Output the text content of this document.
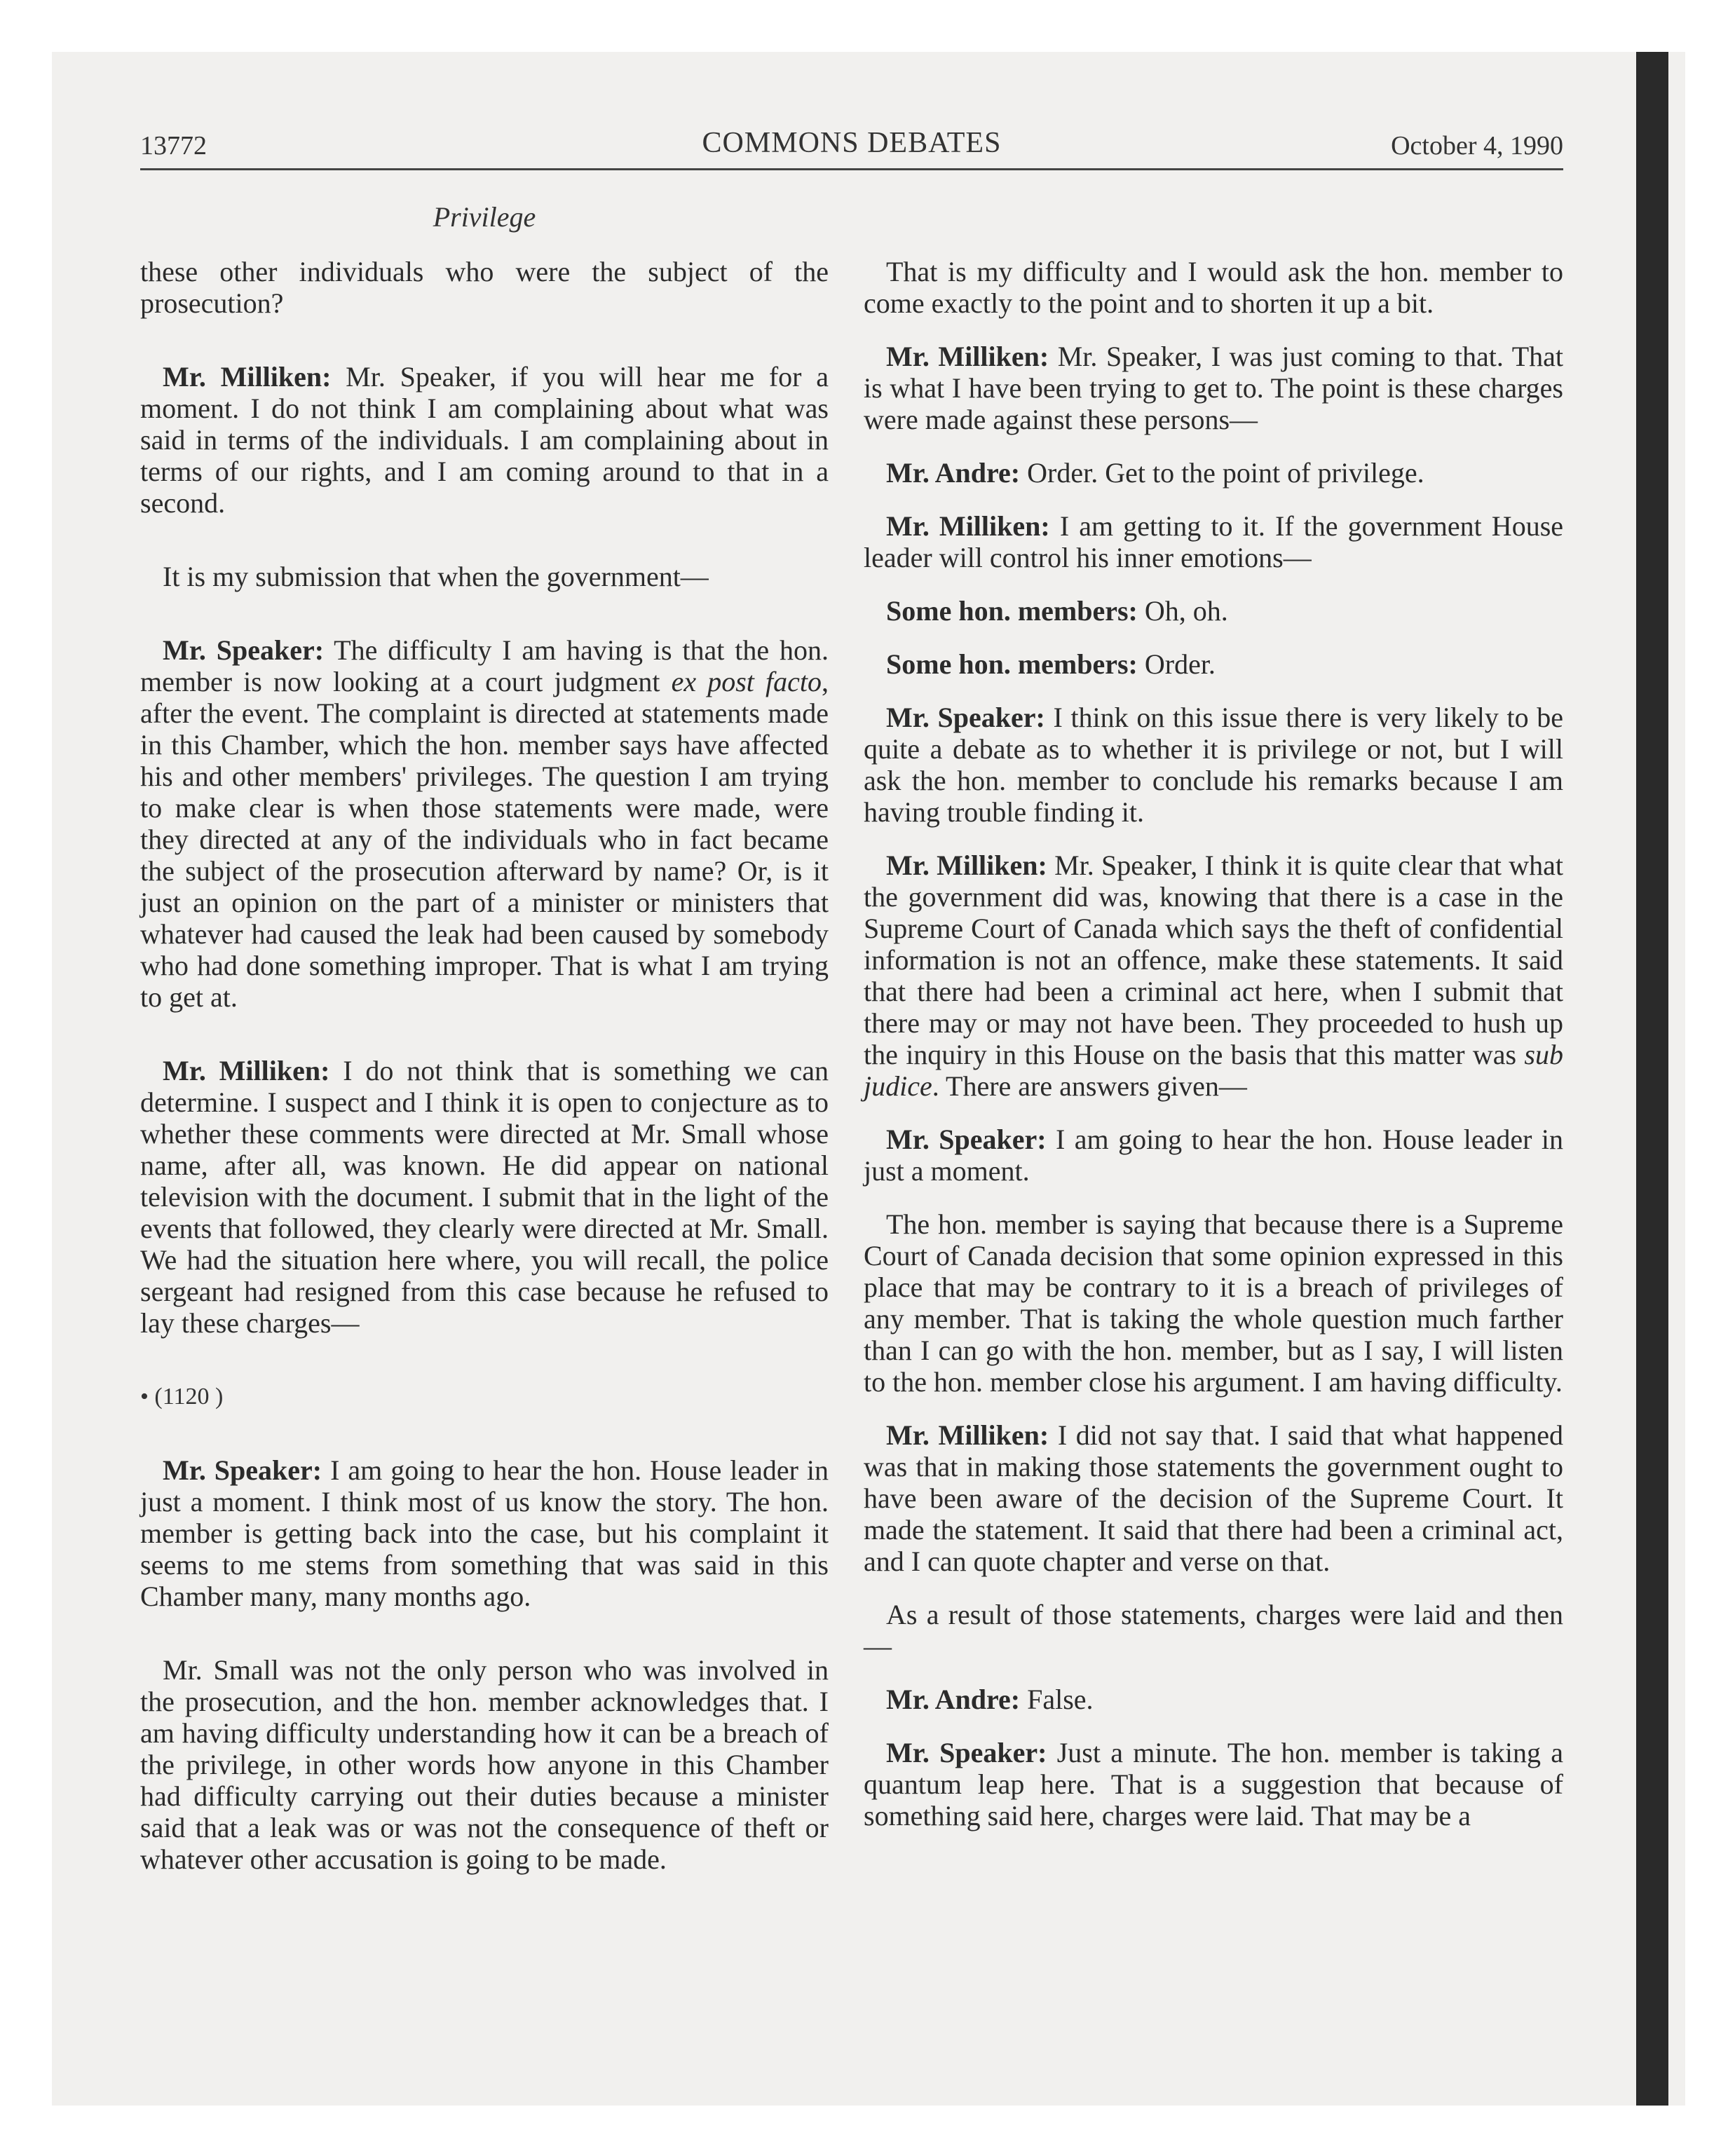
13772	COMMONS DEBATES	October 4, 1990
Privilege

these other individuals who were the subject of the prosecution?

Mr. Milliken: Mr. Speaker, if you will hear me for a moment. I do not think I am complaining about what was said in terms of the individuals. I am complaining about in terms of our rights, and I am coming around to that in a second.

It is my submission that when the government—

Mr. Speaker: The difficulty I am having is that the hon. member is now looking at a court judgment ex post facto, after the event. The complaint is directed at statements made in this Chamber, which the hon. member says have affected his and other members' privileges. The question I am trying to make clear is when those statements were made, were they directed at any of the individuals who in fact became the subject of the prosecution afterward by name? Or, is it just an opinion on the part of a minister or ministers that whatever had caused the leak had been caused by somebody who had done something improper. That is what I am trying to get at.

Mr. Milliken: I do not think that is something we can determine. I suspect and I think it is open to conjecture as to whether these comments were directed at Mr. Small whose name, after all, was known. He did appear on national television with the document. I submit that in the light of the events that followed, they clearly were directed at Mr. Small. We had the situation here where, you will recall, the police sergeant had resigned from this case because he refused to lay these charges—

• (1120 )

Mr. Speaker: I am going to hear the hon. House leader in just a moment. I think most of us know the story. The hon. member is getting back into the case, but his complaint it seems to me stems from something that was said in this Chamber many, many months ago.

Mr. Small was not the only person who was involved in the prosecution, and the hon. member acknowledges that. I am having difficulty understanding how it can be a breach of the privilege, in other words how anyone in this Chamber had difficulty carrying out their duties because a minister said that a leak was or was not the consequence of theft or whatever other accusation is going to be made.

That is my difficulty and I would ask the hon. member to come exactly to the point and to shorten it up a bit.

Mr. Milliken: Mr. Speaker, I was just coming to that. That is what I have been trying to get to. The point is these charges were made against these persons—

Mr. Andre: Order. Get to the point of privilege.

Mr. Milliken: I am getting to it. If the government House leader will control his inner emotions—

Some hon. members: Oh, oh.

Some hon. members: Order.

Mr. Speaker: I think on this issue there is very likely to be quite a debate as to whether it is privilege or not, but I will ask the hon. member to conclude his remarks because I am having trouble finding it.

Mr. Milliken: Mr. Speaker, I think it is quite clear that what the government did was, knowing that there is a case in the Supreme Court of Canada which says the theft of confidential information is not an offence, make these statements. It said that there had been a criminal act here, when I submit that there may or may not have been. They proceeded to hush up the inquiry in this House on the basis that this matter was sub judice. There are answers given—

Mr. Speaker: I am going to hear the hon. House leader in just a moment.

The hon. member is saying that because there is a Supreme Court of Canada decision that some opinion expressed in this place that may be contrary to it is a breach of privileges of any member. That is taking the whole question much farther than I can go with the hon. member, but as I say, I will listen to the hon. member close his argument. I am having difficulty.

Mr. Milliken: I did not say that. I said that what happened was that in making those statements the government ought to have been aware of the decision of the Supreme Court. It made the statement. It said that there had been a criminal act, and I can quote chapter and verse on that.

As a result of those statements, charges were laid and then—

Mr. Andre: False.

Mr. Speaker: Just a minute. The hon. member is taking a quantum leap here. That is a suggestion that because of something said here, charges were laid. That may be a
